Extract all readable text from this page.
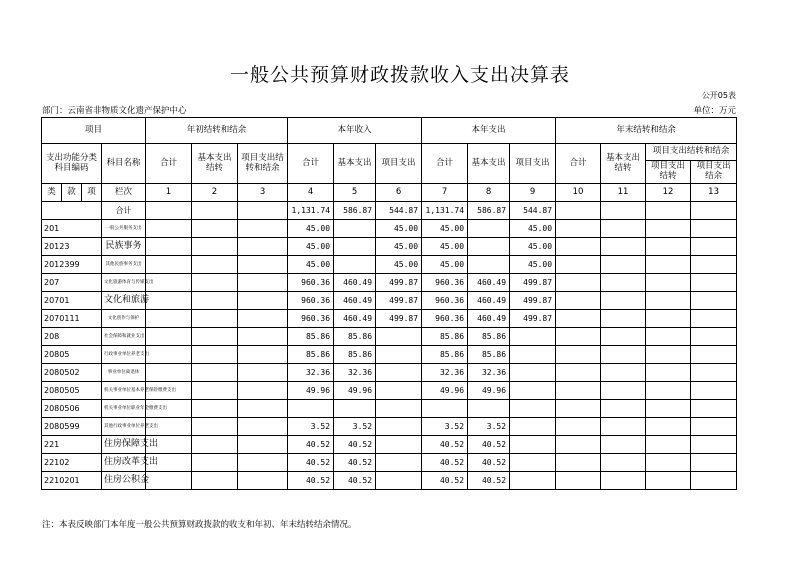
一般公共预算财政拨款收入支出决算表
公开05表
部门：云南省非物质文化遗产保护中心	单位：万元
项目				年初结转和结余			本年收入			本年支出			年末结转和结余			
支出功能分类科目编码			科目名称	合计	基本支出结转	项目支出结转和结余	合计	基本支出	项目支出	合计	基本支出	项目支出	合计	基本支出结转	项目支出结转和结余	
															项目支出结转	项目支出结余
类	款	项	栏次	1	2	3	4	5	6	7	8	9	10	11	12	13
			合计				1,131.74	586.87	544.87	1,131.74	586.87	544.87				
201			一般公共服务支出				45.00		45.00	45.00		45.00				
20123			民族事务				45.00		45.00	45.00		45.00				
2012399			其他民族事务支出				45.00		45.00	45.00		45.00				
207			文化旅游体育与传媒支出				960.36	460.49	499.87	960.36	460.49	499.87				
20701			文化和旅游				960.36	460.49	499.87	960.36	460.49	499.87				
2070111			文化创作与保护				960.36	460.49	499.87	960.36	460.49	499.87				
208			社会保障和就业支出				85.86	85.86		85.86	85.86					
20805			行政事业单位养老支出				85.86	85.86		85.86	85.86					
2080502			事业单位离退休				32.36	32.36		32.36	32.36					
2080505			机关事业单位基本养老保险缴费支出				49.96	49.96		49.96	49.96					
2080506			机关事业单位职业年金缴费支出													
2080599			其他行政事业单位养老支出				3.52	3.52		3.52	3.52					
221			住房保障支出				40.52	40.52		40.52	40.52					
22102			住房改革支出				40.52	40.52		40.52	40.52					
2210201			住房公积金				40.52	40.52		40.52	40.52					
注：本表反映部门本年度一般公共预算财政拨款的收支和年初、年末结转结余情况。
